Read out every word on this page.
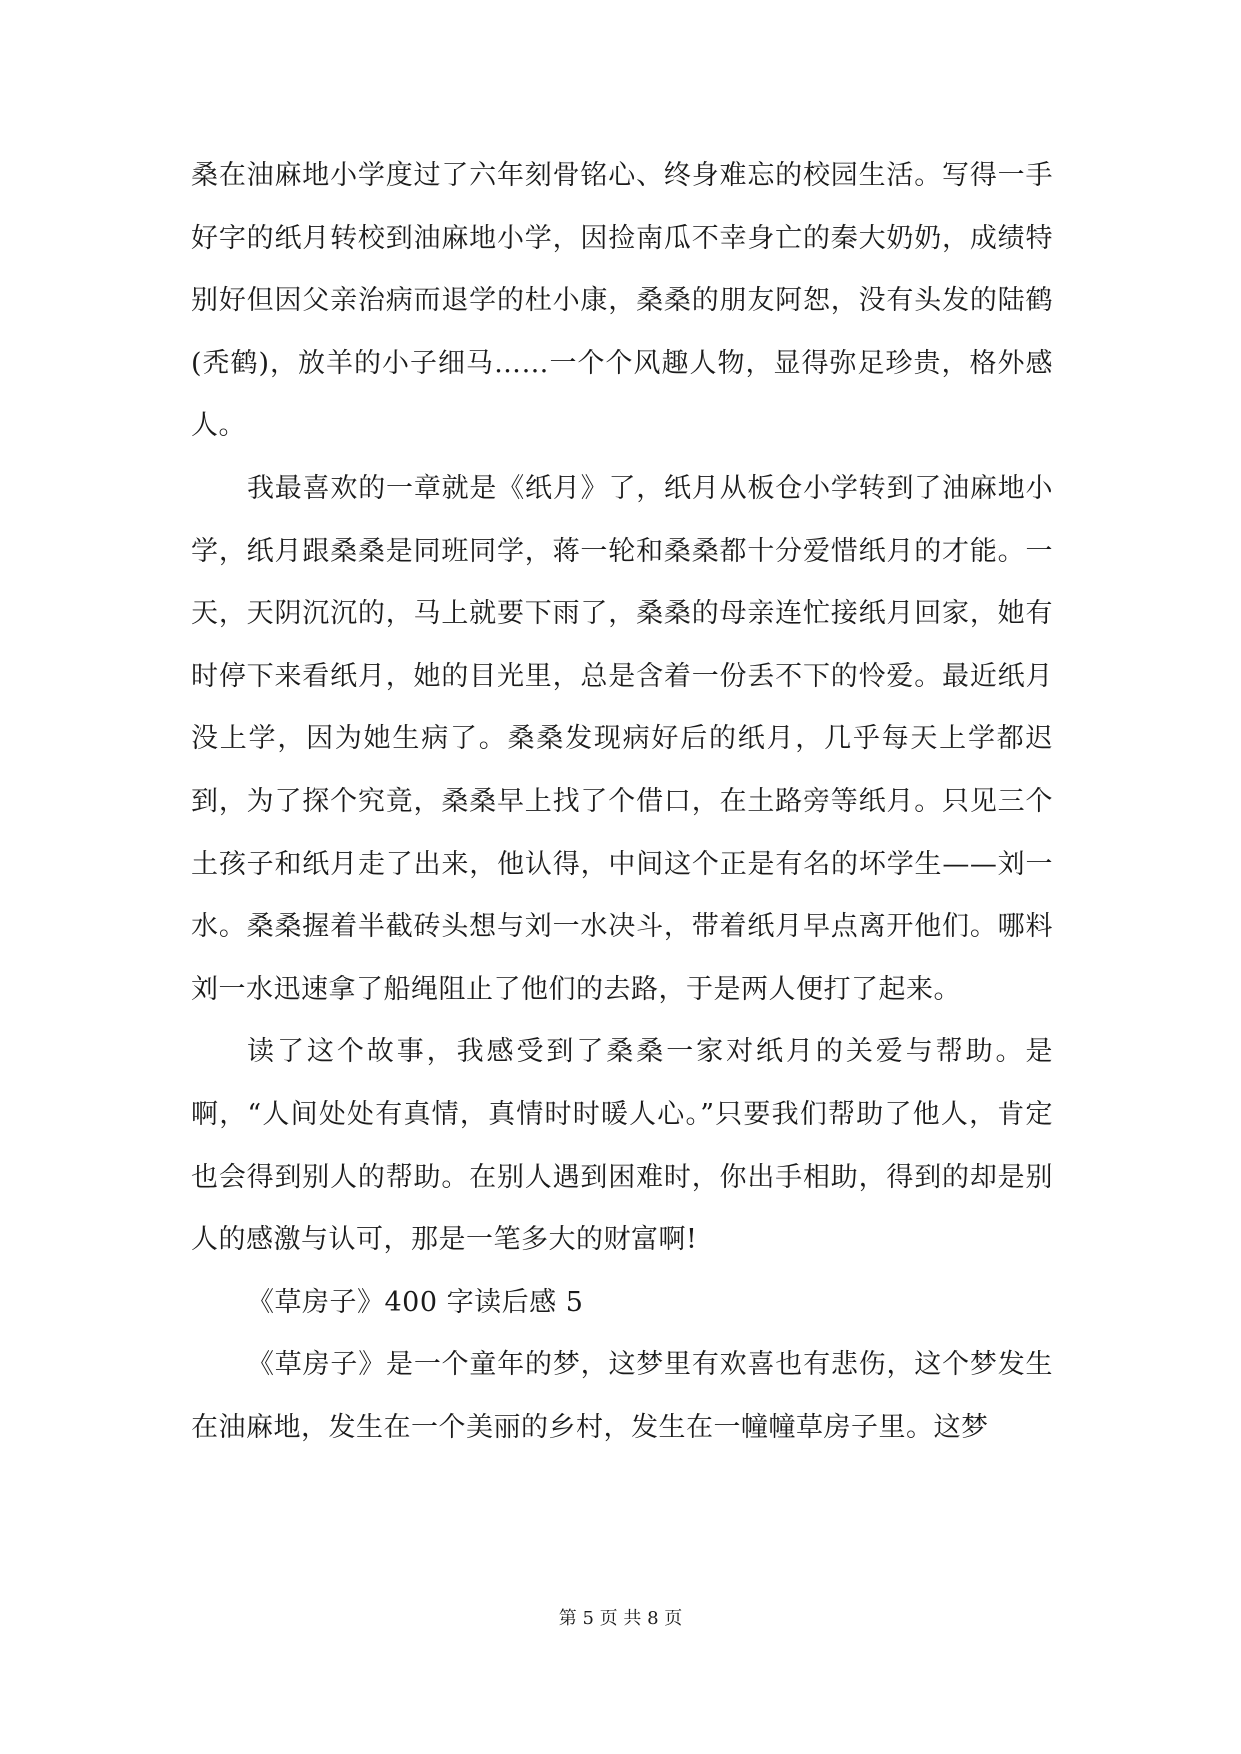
桑在油麻地小学度过了六年刻骨铭心、终身难忘的校园生活。写得一手好字的纸月转校到油麻地小学，因捡南瓜不幸身亡的秦大奶奶，成绩特别好但因父亲治病而退学的杜小康，桑桑的朋友阿恕，没有头发的陆鹤(秃鹤)，放羊的小子细马……一个个风趣人物，显得弥足珍贵，格外感人。

我最喜欢的一章就是《纸月》了，纸月从板仓小学转到了油麻地小学，纸月跟桑桑是同班同学，蒋一轮和桑桑都十分爱惜纸月的才能。一天，天阴沉沉的，马上就要下雨了，桑桑的母亲连忙接纸月回家，她有时停下来看纸月，她的目光里，总是含着一份丢不下的怜爱。最近纸月没上学，因为她生病了。桑桑发现病好后的纸月，几乎每天上学都迟到，为了探个究竟，桑桑早上找了个借口，在土路旁等纸月。只见三个土孩子和纸月走了出来，他认得，中间这个正是有名的坏学生——刘一水。桑桑握着半截砖头想与刘一水决斗，带着纸月早点离开他们。哪料刘一水迅速拿了船绳阻止了他们的去路，于是两人便打了起来。

读了这个故事，我感受到了桑桑一家对纸月的关爱与帮助。是啊，“人间处处有真情，真情时时暖人心。”只要我们帮助了他人，肯定也会得到别人的帮助。在别人遇到困难时，你出手相助，得到的却是别人的感激与认可，那是一笔多大的财富啊!

《草房子》400 字读后感 5

《草房子》是一个童年的梦，这梦里有欢喜也有悲伤，这个梦发生在油麻地，发生在一个美丽的乡村，发生在一幢幢草房子里。这梦

第 5 页 共 8 页
